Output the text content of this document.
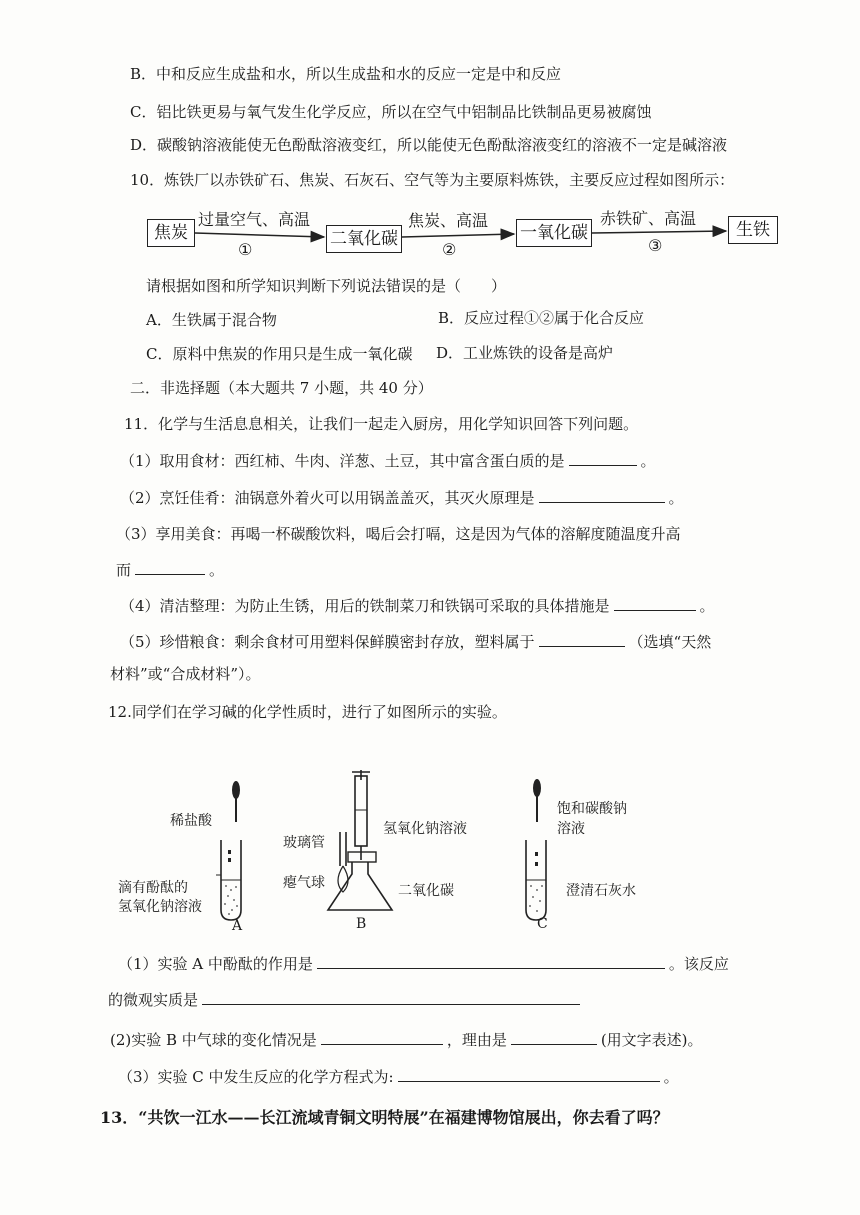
B．中和反应生成盐和水，所以生成盐和水的反应一定是中和反应
C．铝比铁更易与氧气发生化学反应，所以在空气中铝制品比铁制品更易被腐蚀
D．碳酸钠溶液能使无色酚酞溶液变红，所以能使无色酚酞溶液变红的溶液不一定是碱溶液
10．炼铁厂以赤铁矿石、焦炭、石灰石、空气等为主要原料炼铁，主要反应过程如图所示：
焦炭	二氧化碳	一氧化碳	生铁
过量空气、高温	焦炭、高温	赤铁矿、高温
①	②	③
请根据如图和所学知识判断下列说法错误的是（　　）
A．生铁属于混合物	B．反应过程①②属于化合反应
C．原料中焦炭的作用只是生成一氧化碳 D．工业炼铁的设备是高炉
二．非选择题（本大题共 7 小题，共 40 分）
11．化学与生活息息相关，让我们一起走入厨房，用化学知识回答下列问题。
（1）取用食材：西红柿、牛肉、洋葱、土豆，其中富含蛋白质的是	。
（2）烹饪佳肴：油锅意外着火可以用锅盖盖灭，其灭火原理是	。
（3）享用美食：再喝一杯碳酸饮料，喝后会打嗝，这是因为气体的溶解度随温度升高
而	。
（4）清洁整理：为防止生锈，用后的铁制菜刀和铁锅可采取的具体措施是	。
（5）珍惜粮食：剩余食材可用塑料保鲜膜密封存放，塑料属于	（选填“天然
材料”或“合成材料”）。
12.同学们在学习碱的化学性质时，进行了如图所示的实验。
稀盐酸
滴有酚酞的
氢氧化钠溶液
A
玻璃管
氢氧化钠溶液
瘪气球	二氧化碳
B
饱和碳酸钠
溶液
澄清石灰水
C
（1）实验 A 中酚酞的作用是	。该反应
的微观实质是
(2)实验 B 中气球的变化情况是	，理由是	(用文字表述)。
（3）实验 C 中发生反应的化学方程式为:	。
13．“共饮一江水——长江流域青铜文明特展”在福建博物馆展出，你去看了吗？
